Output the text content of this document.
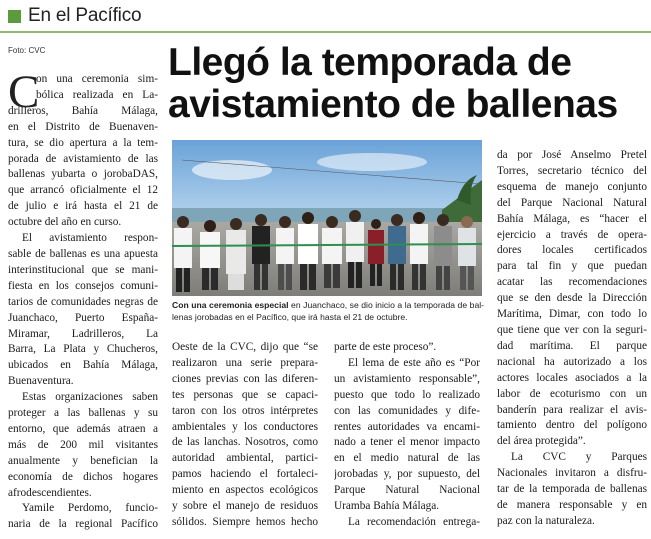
En el Pacífico
Foto: CVC	Llegó la temporada de
avistamiento de ballenas
C
on una ceremonia sim-
bólica realizada en La-
drilleros, Bahía Málaga,
en el Distrito de Buenaven-
tura, se dio apertura a la tem-
porada de avistamiento de las
ballenas yubarta o jorobaDAS,
que arrancó oficialmente el 12
de julio e irá hasta el 21 de
octubre del año en curso.
El avistamiento respon-
sable de ballenas es una apuesta
interinstitucional que se mani-
fiesta en los consejos comuni-
tarios de comunidades negras de
Juanchaco, Puerto España-
Miramar, Ladrilleros, La
Barra, La Plata y Chucheros,
ubicados en Bahía Málaga,
Buenaventura.
Estas organizaciones saben
proteger a las ballenas y su
entorno, que además atraen a
más de 200 mil visitantes
anualmente y benefician la
economía de dichos hogares
afrodescendientes.
Yamile Perdomo, funcio-
naria de la regional Pacífico
Con una ceremonia especial en Juanchaco, se dio inicio a la temporada de bal-
lenas jorobadas en el Pacífico, que irá hasta el 21 de octubre.
Oeste de la CVC, dijo que “se
realizaron una serie prepara-
ciones previas con las diferen-
tes personas que se capaci-
taron con los otros intérpretes
ambientales y los conductores
de las lanchas. Nosotros, como
autoridad ambiental, partici-
pamos haciendo el fortaleci-
miento en aspectos ecológicos
y sobre el manejo de residuos
sólidos. Siempre hemos hecho
parte de este proceso”.
El lema de este año es “Por
un avistamiento responsable”,
puesto que todo lo realizado
con las comunidades y dife-
rentes autoridades va encami-
nado a tener el menor impacto
en el medio natural de las
jorobadas y, por supuesto, del
Parque Natural Nacional
Uramba Bahía Málaga.
La recomendación entrega-
da por José Anselmo Pretel
Torres, secretario técnico del
esquema de manejo conjunto
del Parque Nacional Natural
Bahía Málaga, es “hacer el
ejercicio a través de opera-
dores locales certificados
para tal fin y que puedan
acatar las recomendaciones
que se den desde la Dirección
Marítima, Dimar, con todo lo
que tiene que ver con la seguri-
dad marítima. El parque
nacional ha autorizado a los
actores locales asociados a la
labor de ecoturismo con un
banderín para realizar el avis-
tamiento dentro del polígono
del área protegida”.
La CVC y Parques
Nacionales invitaron a disfru-
tar de la temporada de ballenas
de manera responsable y en
paz con la naturaleza.
